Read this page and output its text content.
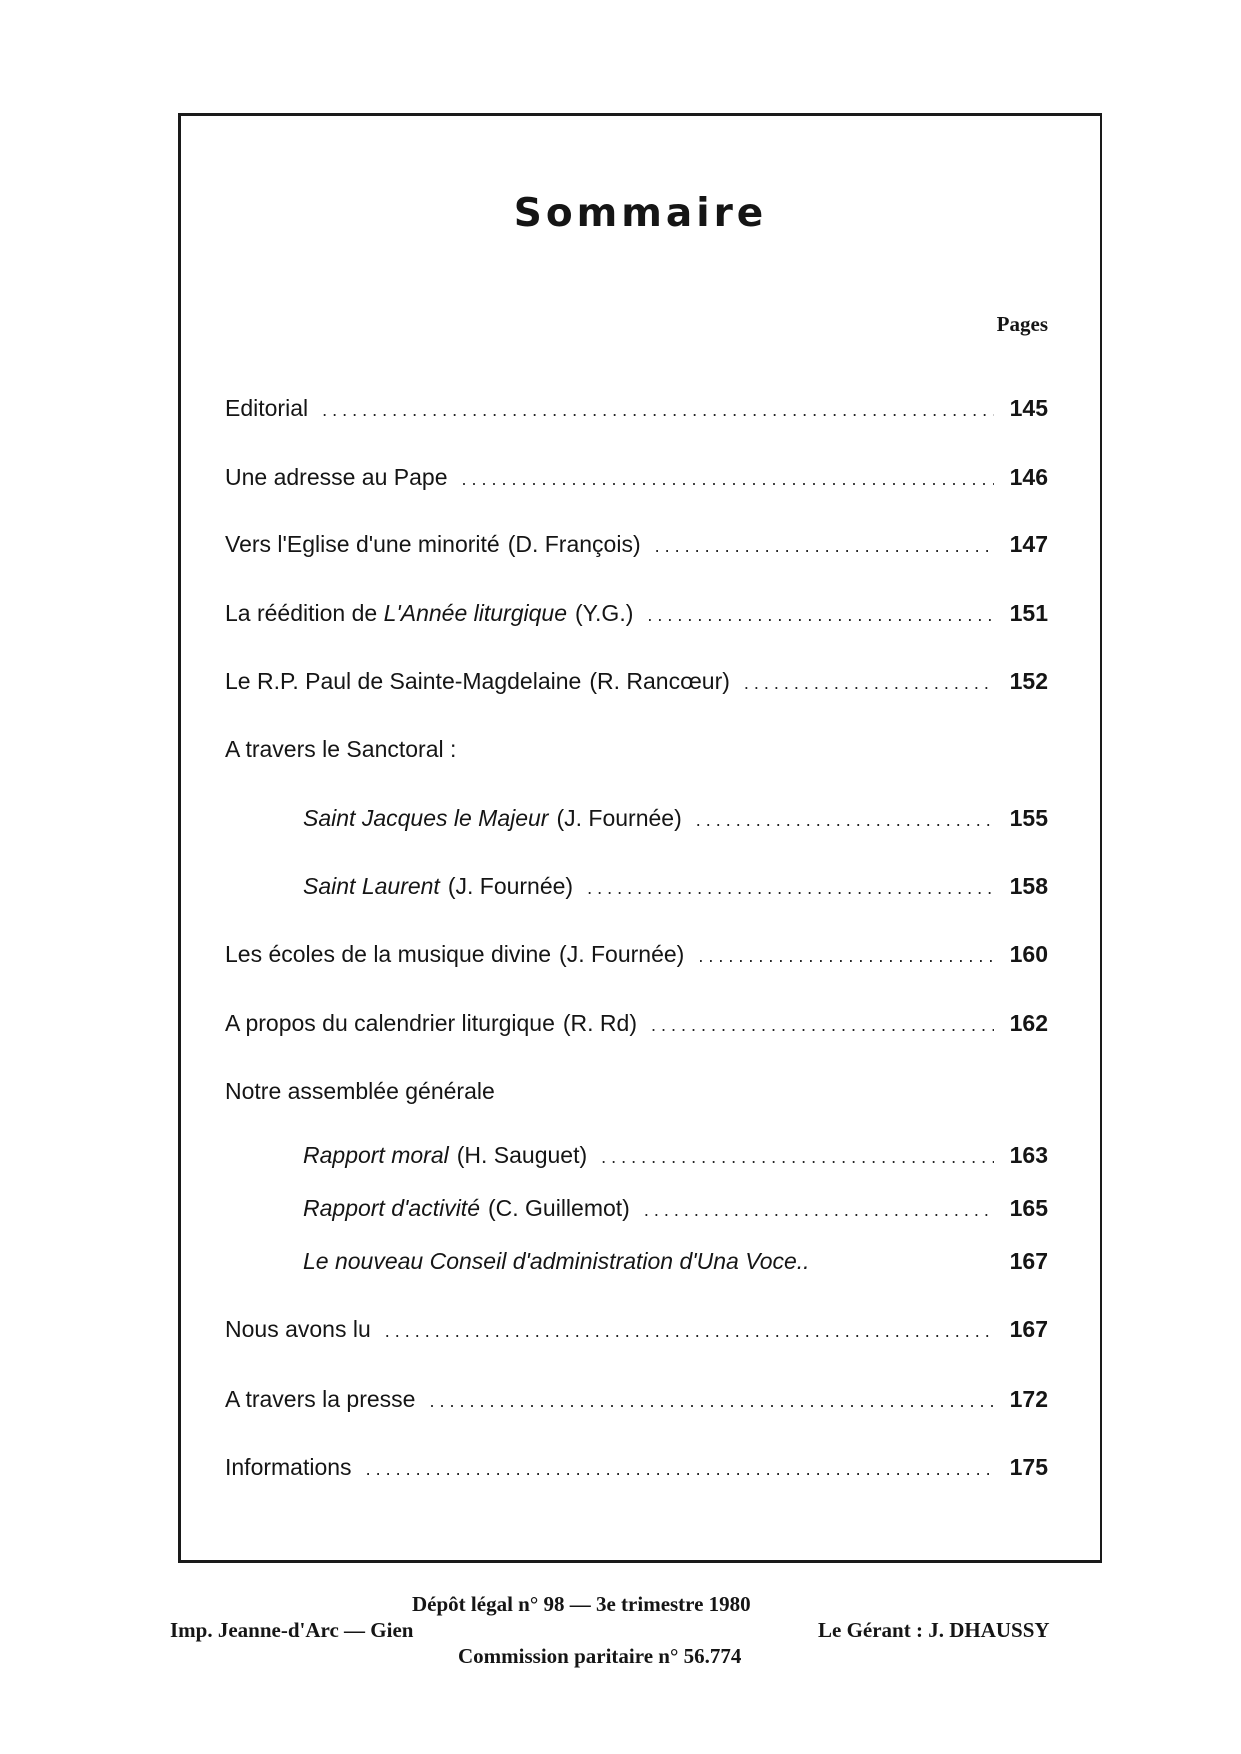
Sommaire
Pages
Editorial .....	145
Une adresse au Pape .....	146
Vers l'Eglise d'une minorité (D. François) .....	147
La réédition de L'Année liturgique (Y.G.) .....	151
Le R.P. Paul de Sainte-Magdelaine (R. Rancœur) .....	152
A travers le Sanctoral :
Saint Jacques le Majeur (J. Fournée) .....	155
Saint Laurent (J. Fournée) .....	158
Les écoles de la musique divine (J. Fournée) .....	160
A propos du calendrier liturgique (R. Rd) .....	162
Notre assemblée générale
Rapport moral (H. Sauguet) .....	163
Rapport d'activité (C. Guillemot) .....	165
Le nouveau Conseil d'administration d'Una Voce..	167
Nous avons lu .....	167
A travers la presse .....	172
Informations .....	175
Dépôt légal n° 98 — 3e trimestre 1980
Imp. Jeanne-d'Arc — Gien	Le Gérant : J. DHAUSSY
Commission paritaire n° 56.774
